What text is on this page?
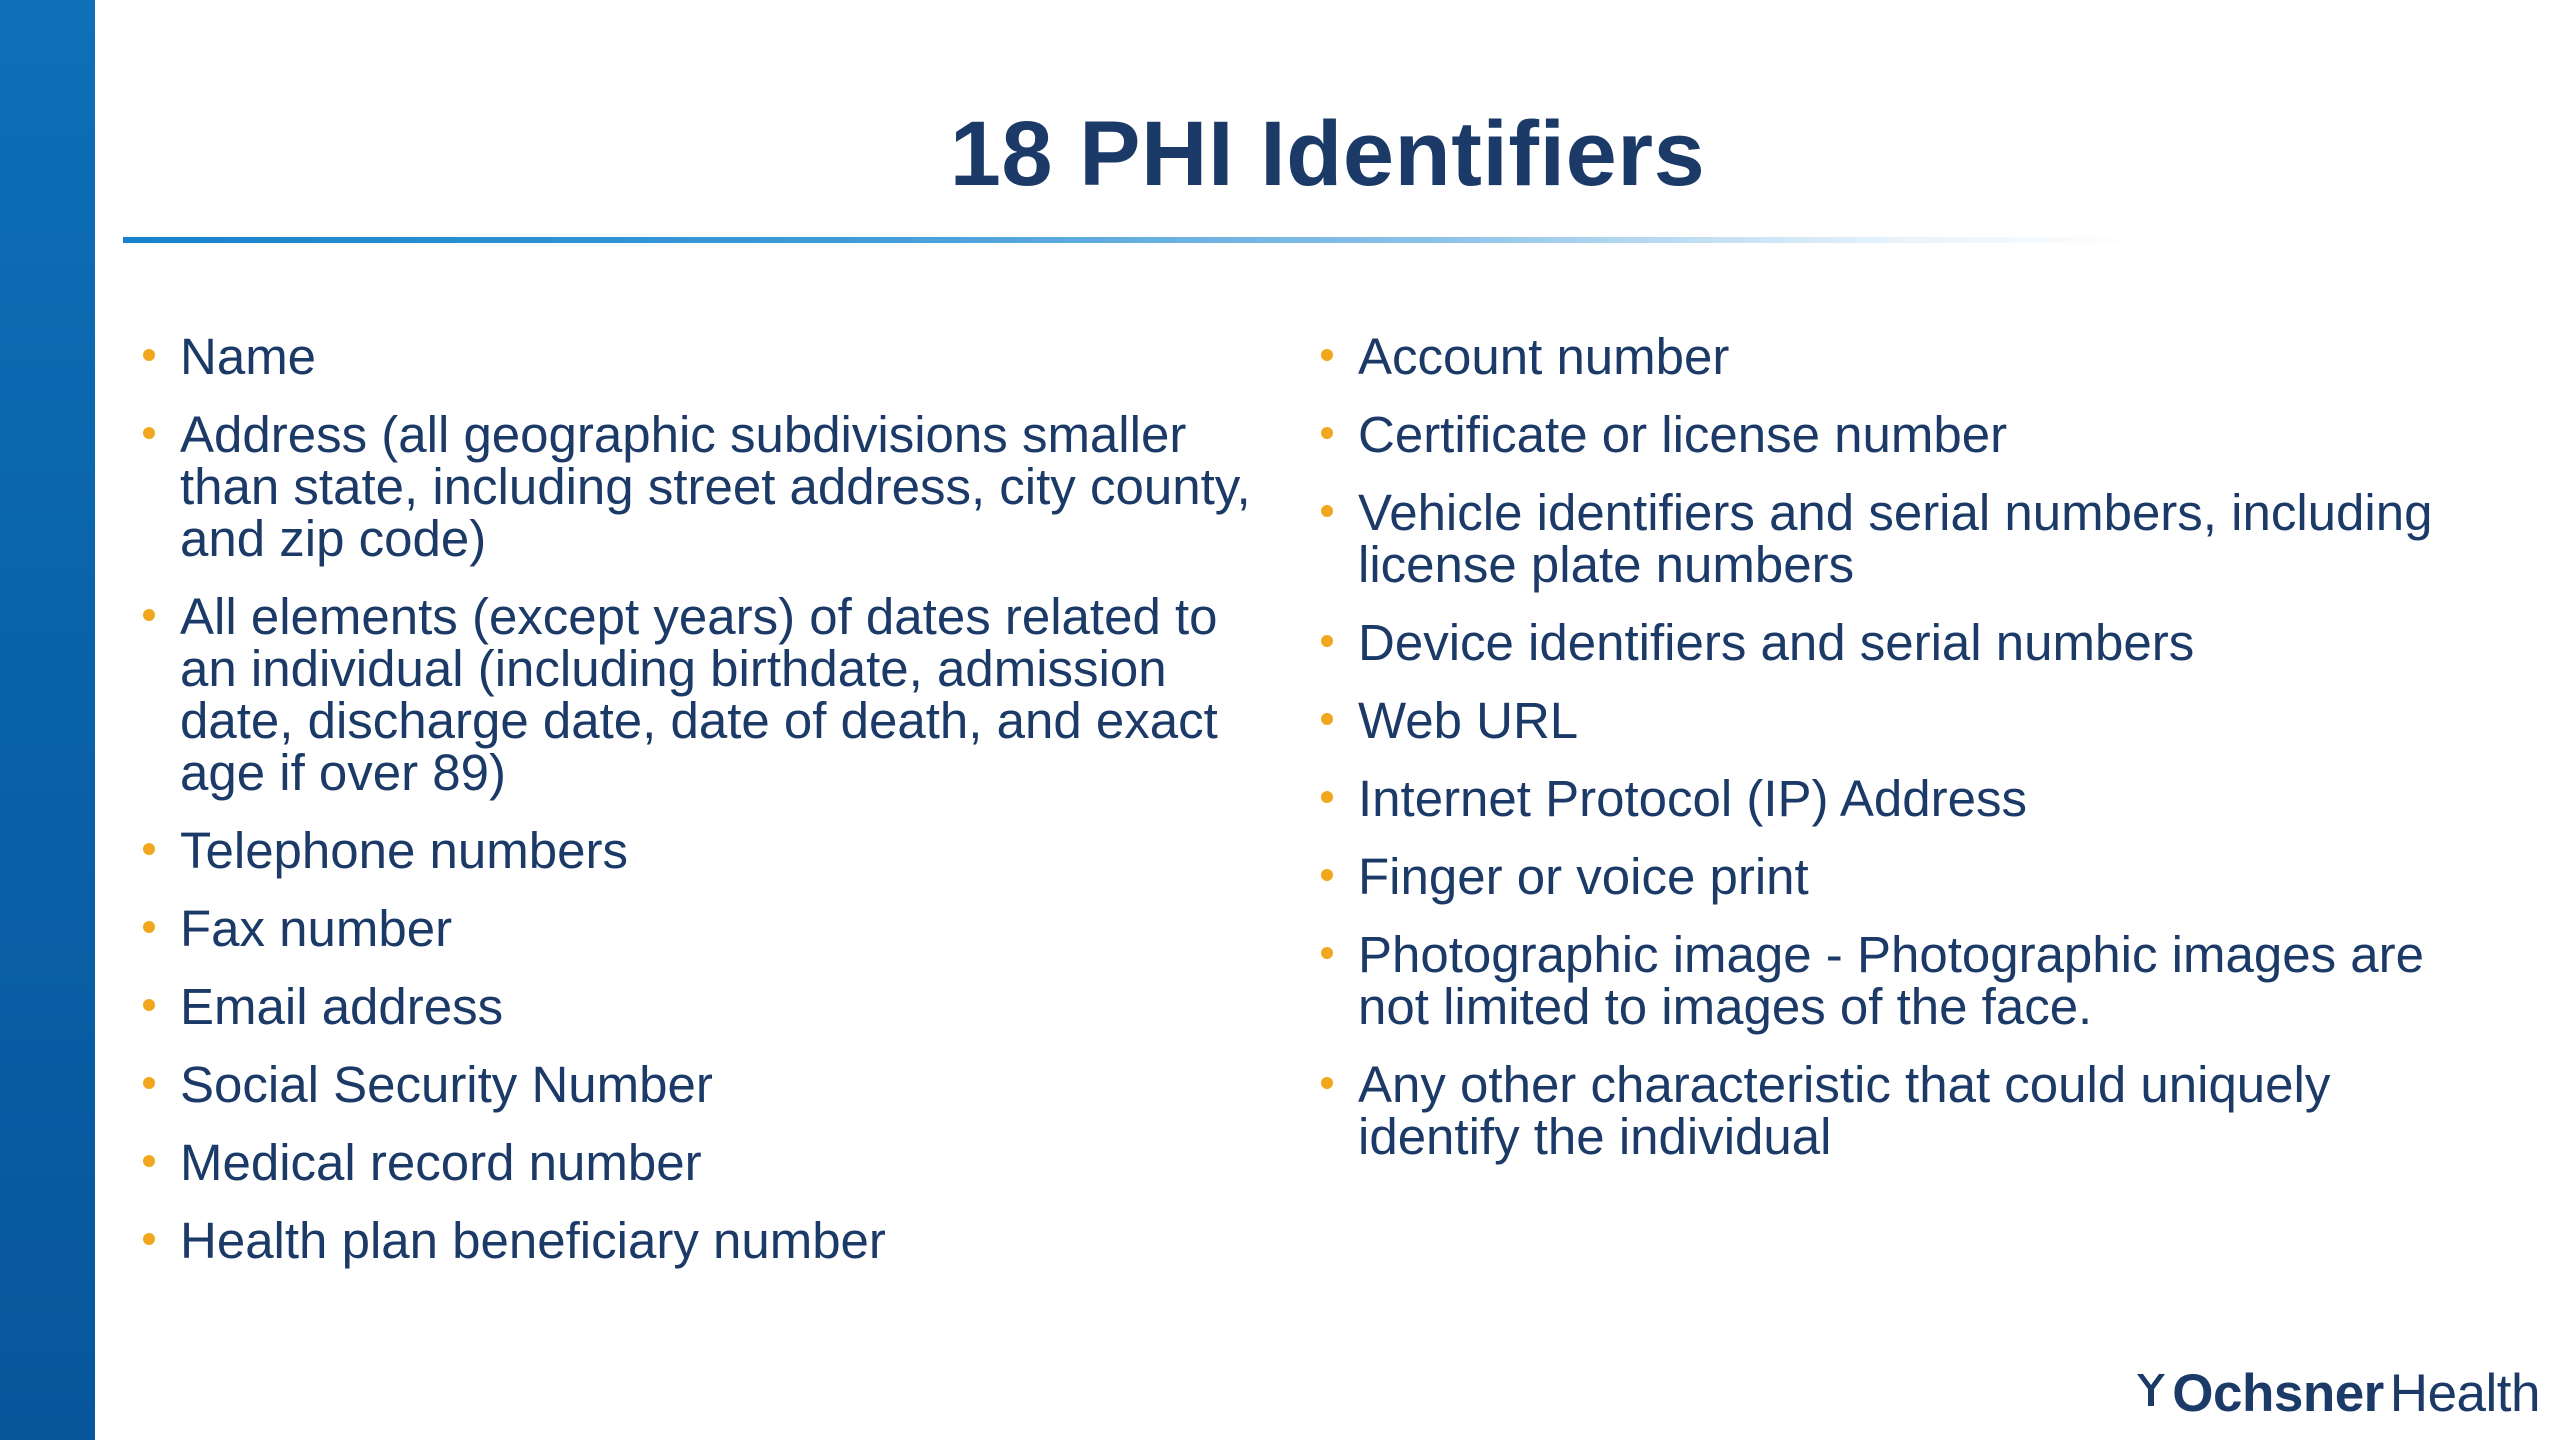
18 PHI Identifiers
Name
Address (all geographic subdivisions smaller than state, including street address, city county, and zip code)
All elements (except years) of dates related to an individual (including birthdate, admission date, discharge date, date of death, and exact age if over 89)
Telephone numbers
Fax number
Email address
Social Security Number
Medical record number
Health plan beneficiary number
Account number
Certificate or license number
Vehicle identifiers and serial numbers, including license plate numbers
Device identifiers and serial numbers
Web URL
Internet Protocol (IP) Address
Finger or voice print
Photographic image - Photographic images are not limited to images of the face.
Any other characteristic that could uniquely identify the individual
Ochsner Health
